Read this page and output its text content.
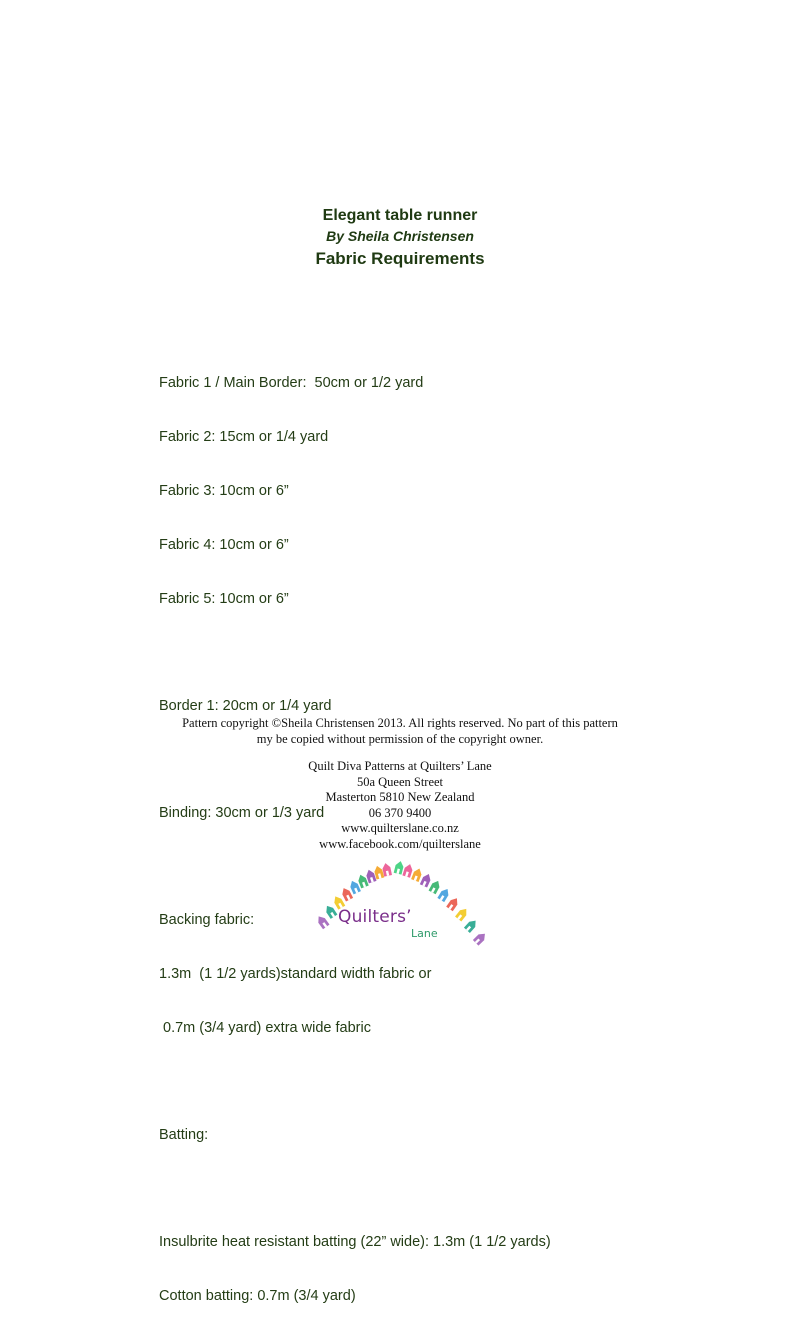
Elegant table runner
By Sheila Christensen
Fabric Requirements

Fabric 1 / Main Border:  50cm or 1/2 yard

Fabric 2: 15cm or 1/4 yard

Fabric 3: 10cm or 6”

Fabric 4: 10cm or 6”

Fabric 5: 10cm or 6”

Border 1: 20cm or 1/4 yard

Binding: 30cm or 1/3 yard

Backing fabric:

1.3m  (1 1/2 yards)standard width fabric or

0.7m (3/4 yard) extra wide fabric

Batting:

Insulbrite heat resistant batting (22” wide): 1.3m (1 1/2 yards)

Cotton batting: 0.7m (3/4 yard)

Pattern copyright ©Sheila Christensen 2013. All rights reserved. No part of this pattern
my be copied without permission of the copyright owner.
Quilt Diva Patterns at Quilters’ Lane
50a Queen Street
Masterton 5810 New Zealand
06 370 9400
www.quilterslane.co.nz
www.facebook.com/quilterslane
Quilters’
Lane
